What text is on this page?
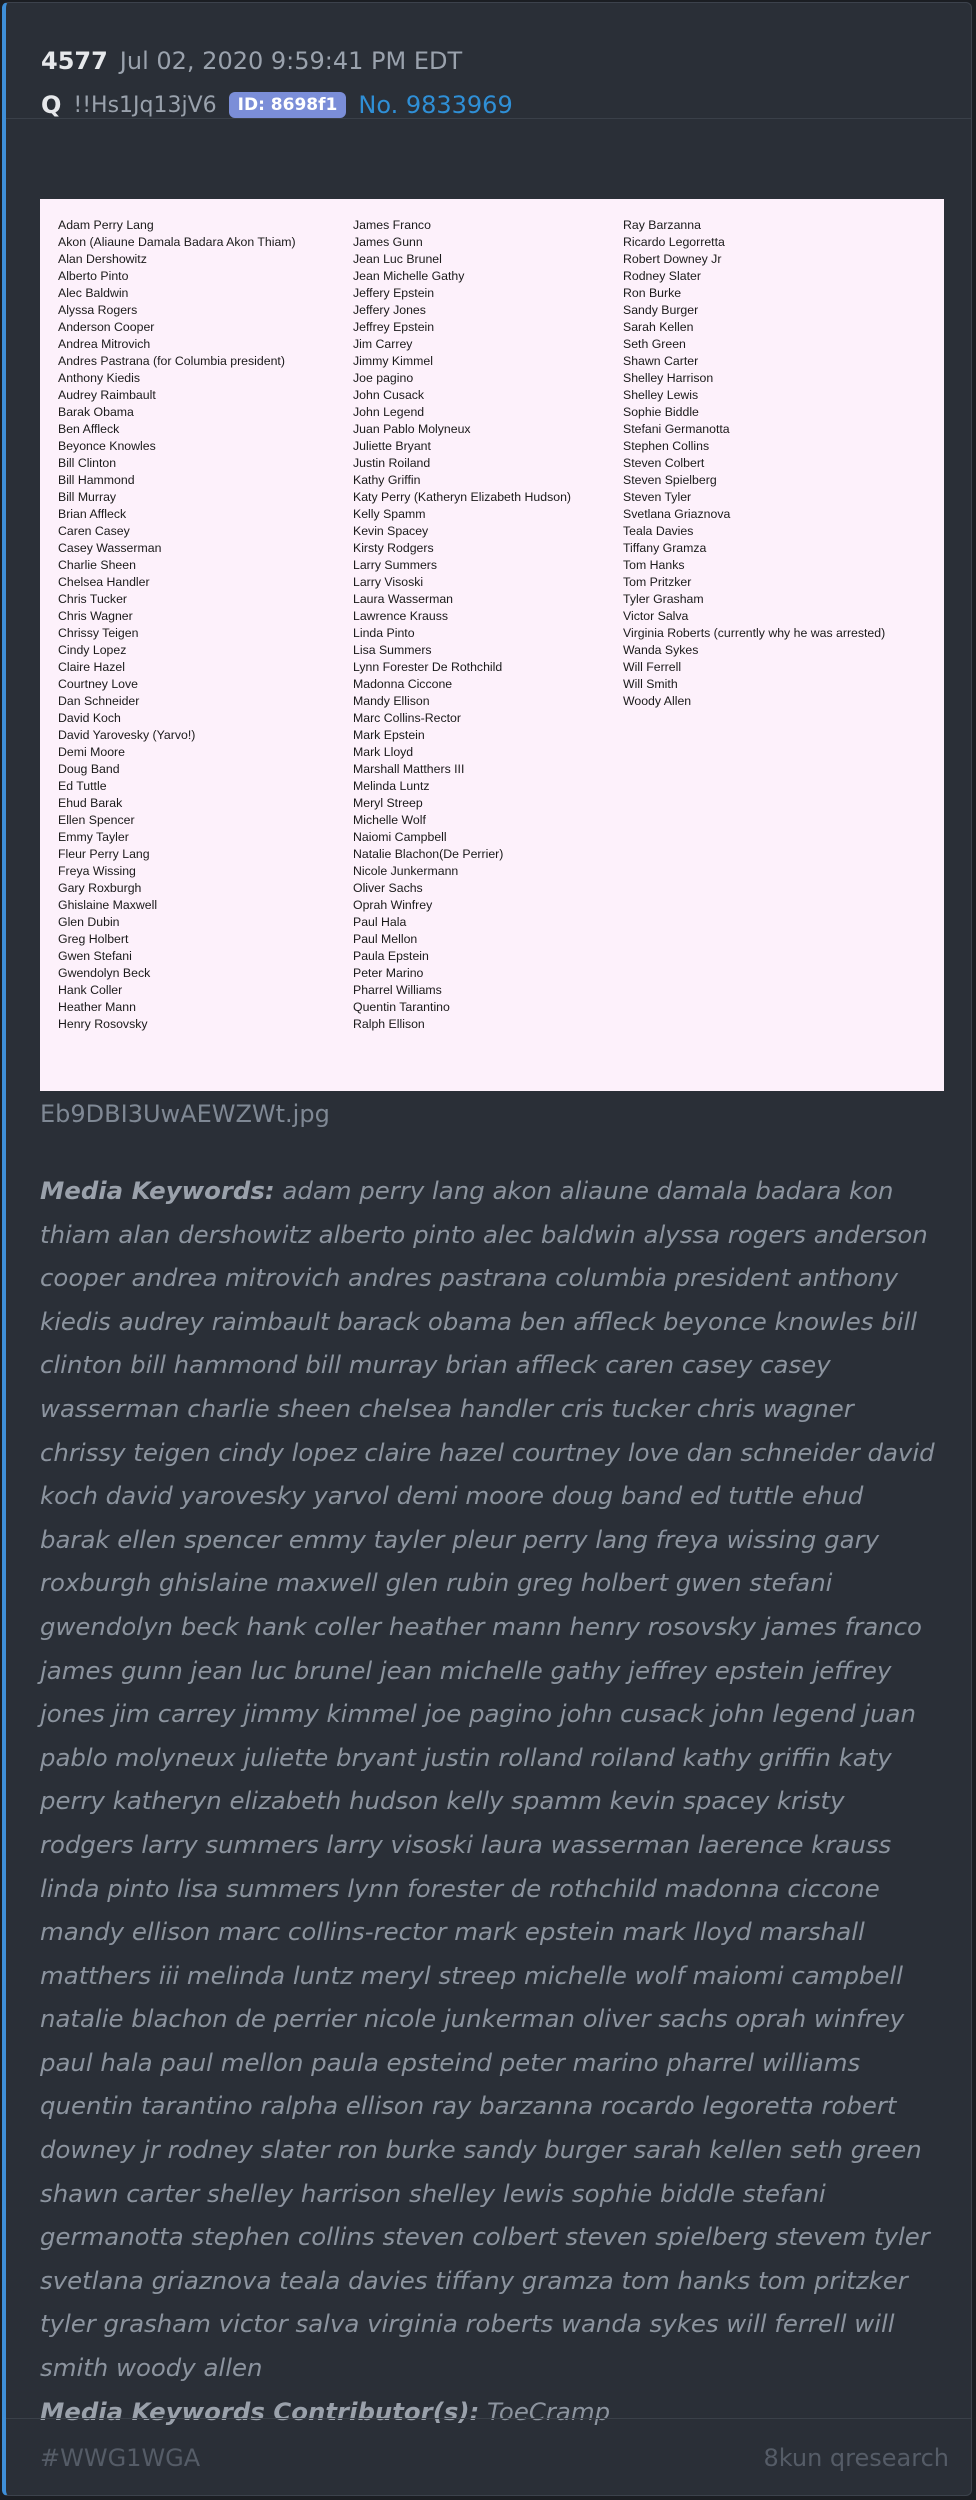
4577 Jul 02, 2020 9:59:41 PM EDT
Q !!Hs1Jq13jV6	ID: 8698f1 No. 9833969
Adam Perry Lang
Akon (Aliaune Damala Badara Akon Thiam)
Alan Dershowitz
Alberto Pinto
Alec Baldwin
Alyssa Rogers
Anderson Cooper
Andrea Mitrovich
Andres Pastrana (for Columbia president)
Anthony Kiedis
Audrey Raimbault
Barak Obama
Ben Affleck
Beyonce Knowles
Bill Clinton
Bill Hammond
Bill Murray
Brian Affleck
Caren Casey
Casey Wasserman
Charlie Sheen
Chelsea Handler
Chris Tucker
Chris Wagner
Chrissy Teigen
Cindy Lopez
Claire Hazel
Courtney Love
Dan Schneider
David Koch
David Yarovesky (Yarvo!)
Demi Moore
Doug Band
Ed Tuttle
Ehud Barak
Ellen Spencer
Emmy Tayler
Fleur Perry Lang
Freya Wissing
Gary Roxburgh
Ghislaine Maxwell
Glen Dubin
Greg Holbert
Gwen Stefani
Gwendolyn Beck
Hank Coller
Heather Mann
Henry Rosovsky
James Franco
James Gunn
Jean Luc Brunel
Jean Michelle Gathy
Jeffery Epstein
Jeffery Jones
Jeffrey Epstein
Jim Carrey
Jimmy Kimmel
Joe pagino
John Cusack
John Legend
Juan Pablo Molyneux
Juliette Bryant
Justin Roiland
Kathy Griffin
Katy Perry (Katheryn Elizabeth Hudson)
Kelly Spamm
Kevin Spacey
Kirsty Rodgers
Larry Summers
Larry Visoski
Laura Wasserman
Lawrence Krauss
Linda Pinto
Lisa Summers
Lynn Forester De Rothchild
Madonna Ciccone
Mandy Ellison
Marc Collins-Rector
Mark Epstein
Mark Lloyd
Marshall Matthers III
Melinda Luntz
Meryl Streep
Michelle Wolf
Naiomi Campbell
Natalie Blachon(De Perrier)
Nicole Junkermann
Oliver Sachs
Oprah Winfrey
Paul Hala
Paul Mellon
Paula Epstein
Peter Marino
Pharrel Williams
Quentin Tarantino
Ralph Ellison
Ray Barzanna
Ricardo Legorretta
Robert Downey Jr
Rodney Slater
Ron Burke
Sandy Burger
Sarah Kellen
Seth Green
Shawn Carter
Shelley Harrison
Shelley Lewis
Sophie Biddle
Stefani Germanotta
Stephen Collins
Steven Colbert
Steven Spielberg
Steven Tyler
Svetlana Griaznova
Teala Davies
Tiffany Gramza
Tom Hanks
Tom Pritzker
Tyler Grasham
Victor Salva
Virginia Roberts (currently why he was arrested)
Wanda Sykes
Will Ferrell
Will Smith
Woody Allen
Eb9DBI3UwAEWZWt.jpg
Media Keywords: adam perry lang akon aliaune damala badara kon thiam alan dershowitz alberto pinto alec baldwin alyssa rogers anderson cooper andrea mitrovich andres pastrana columbia president anthony kiedis audrey raimbault barack obama ben affleck beyonce knowles bill clinton bill hammond bill murray brian affleck caren casey casey wasserman charlie sheen chelsea handler cris tucker chris wagner chrissy teigen cindy lopez claire hazel courtney love dan schneider david koch david yarovesky yarvol demi moore doug band ed tuttle ehud barak ellen spencer emmy tayler pleur perry lang freya wissing gary roxburgh ghislaine maxwell glen rubin greg holbert gwen stefani gwendolyn beck hank coller heather mann henry rosovsky james franco james gunn jean luc brunel jean michelle gathy jeffrey epstein jeffrey jones jim carrey jimmy kimmel joe pagino john cusack john legend juan pablo molyneux juliette bryant justin rolland roiland kathy griffin katy perry katheryn elizabeth hudson kelly spamm kevin spacey kristy rodgers larry summers larry visoski laura wasserman laerence krauss linda pinto lisa summers lynn forester de rothchild madonna ciccone mandy ellison marc collins-rector mark epstein mark lloyd marshall matthers iii melinda luntz meryl streep michelle wolf maiomi campbell natalie blachon de perrier nicole junkerman oliver sachs oprah winfrey paul hala paul mellon paula epsteind peter marino pharrel williams quentin tarantino ralpha ellison ray barzanna rocardo legoretta robert downey jr rodney slater ron burke sandy burger sarah kellen seth green shawn carter shelley harrison shelley lewis sophie biddle stefani germanotta stephen collins steven colbert steven spielberg stevem tyler svetlana griaznova teala davies tiffany gramza tom hanks tom pritzker tyler grasham victor salva virginia roberts wanda sykes will ferrell will smith woody allen
Media Keywords Contributor(s): ToeCramp
#WWG1WGA	8kun qresearch
